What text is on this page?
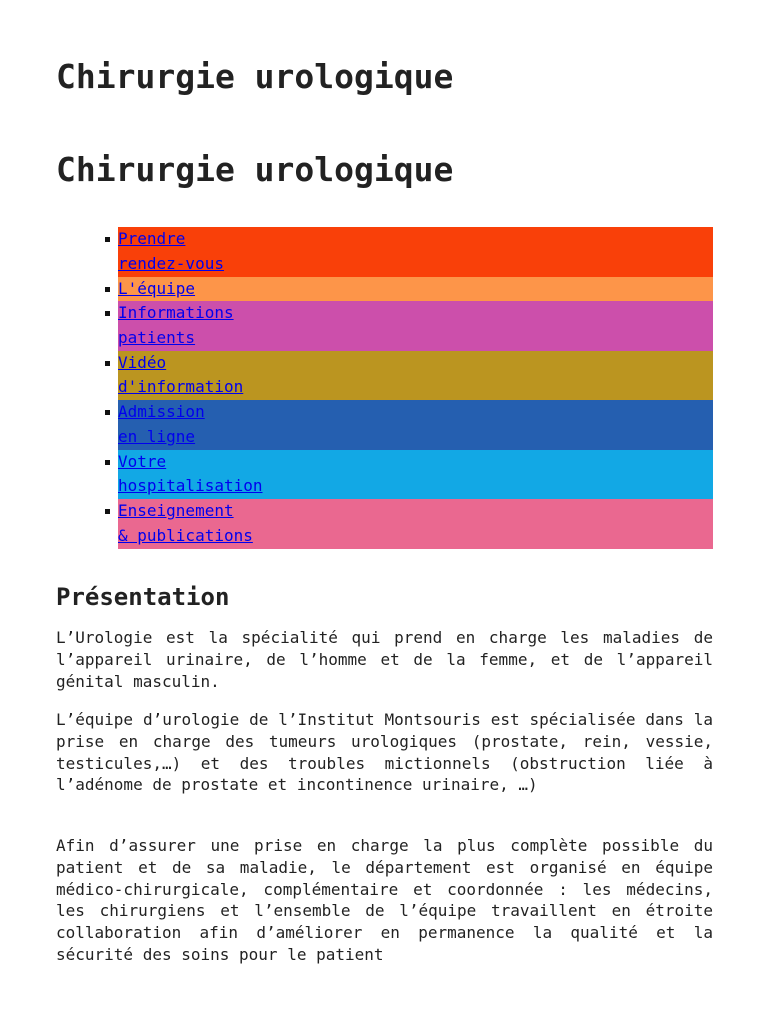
Chirurgie urologique
Chirurgie urologique
Prendre
rendez-vous
L'équipe
Informations
patients
Vidéo
d'information
Admission
en ligne
Votre
hospitalisation
Enseignement
& publications
Présentation

L’Urologie est la spécialité qui prend en charge les maladies de l’appareil urinaire, de l’homme et de la femme, et de l’appareil génital masculin.

L’équipe d’urologie de l’Institut Montsouris est spécialisée dans la prise en charge des tumeurs urologiques (prostate, rein, vessie, testicules,…) et des troubles mictionnels (obstruction liée à l’adénome de prostate et incontinence urinaire, …)

Afin d’assurer une prise en charge la plus complète possible du patient et de sa maladie, le département est organisé en équipe médico-chirurgicale, complémentaire et coordonnée : les médecins, les chirurgiens et l’ensemble de l’équipe travaillent en étroite collaboration afin d’améliorer en permanence la qualité et la sécurité des soins pour le patient
